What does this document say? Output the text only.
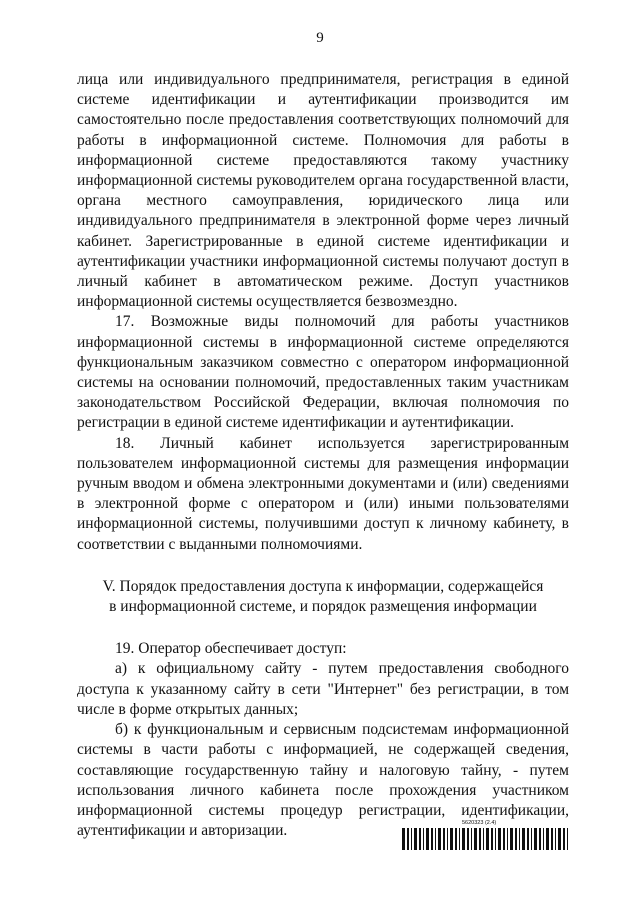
9

лица или индивидуального предпринимателя, регистрация в единой системе идентификации и аутентификации производится им самостоятельно после предоставления соответствующих полномочий для работы в информационной системе. Полномочия для работы в информационной системе предоставляются такому участнику информационной системы руководителем органа государственной власти, органа местного самоуправления, юридического лица или индивидуального предпринимателя в электронной форме через личный кабинет. Зарегистрированные в единой системе идентификации и аутентификации участники информационной системы получают доступ в личный кабинет в автоматическом режиме. Доступ участников информационной системы осуществляется безвозмездно.

17. Возможные виды полномочий для работы участников информационной системы в информационной системе определяются функциональным заказчиком совместно с оператором информационной системы на основании полномочий, предоставленных таким участникам законодательством Российской Федерации, включая полномочия по регистрации в единой системе идентификации и аутентификации.

18. Личный кабинет используется зарегистрированным пользователем информационной системы для размещения информации ручным вводом и обмена электронными документами и (или) сведениями в электронной форме с оператором и (или) иными пользователями информационной системы, получившими доступ к личному кабинету, в соответствии с выданными полномочиями.

V. Порядок предоставления доступа к информации, содержащейся
в информационной системе, и порядок размещения информации

19. Оператор обеспечивает доступ:

а) к официальному сайту - путем предоставления свободного доступа к указанному сайту в сети "Интернет" без регистрации, в том числе в форме открытых данных;

б) к функциональным и сервисным подсистемам информационной системы в части работы с информацией, не содержащей сведения, составляющие государственную тайну и налоговую тайну, - путем использования личного кабинета после прохождения участником информационной системы процедур регистрации, идентификации, аутентификации и авторизации.	5620323 (2.4)
